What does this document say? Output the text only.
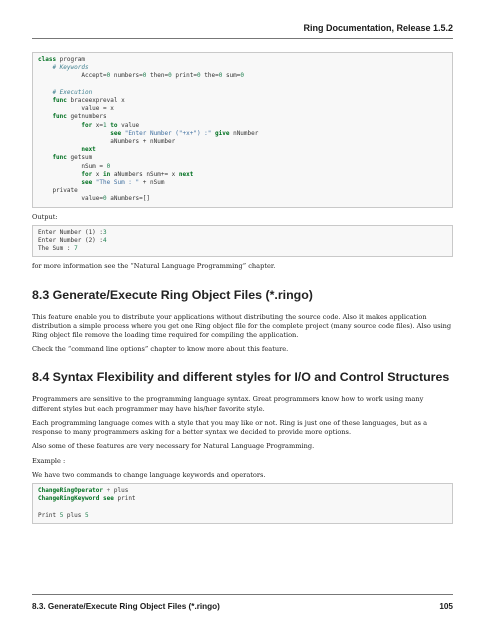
Ring Documentation, Release 1.5.2
class program
# Keywords
Accept=0 numbers=0 then=0 print=0 the=0 sum=0

# Execution
func braceexpreval x
value = x
func getnumbers
for x=1 to value
see "Enter Number ("+x+") :" give nNumber
aNumbers + nNumber
next
func getsum
nSum = 0
for x in aNumbers nSum+= x next
see "The Sum : " + nSum
private
value=0 aNumbers=[]

Output:

Enter Number (1) :3
Enter Number (2) :4
The Sum : 7

for more information see the “Natural Language Programming” chapter.

8.3 Generate/Execute Ring Object Files (*.ringo)

This feature enable you to distribute your applications without distributing the source code. Also it makes application distribution a simple process where you get one Ring object file for the complete project (many source code files). Also using Ring object file remove the loading time required for compiling the application.

Check the “command line options” chapter to know more about this feature.

8.4 Syntax Flexibility and different styles for I/O and Control Structures

Programmers are sensitive to the programming language syntax. Great programmers know how to work using many different styles but each programmer may have his/her favorite style.

Each programming language comes with a style that you may like or not. Ring is just one of these languages, but as a response to many programmers asking for a better syntax we decided to provide more options.

Also some of these features are very necessary for Natural Language Programming.

Example :

We have two commands to change language keywords and operators.

ChangeRingOperator + plus
ChangeRingKeyword see print

Print 5 plus 5
8.3. Generate/Execute Ring Object Files (*.ringo)	105
